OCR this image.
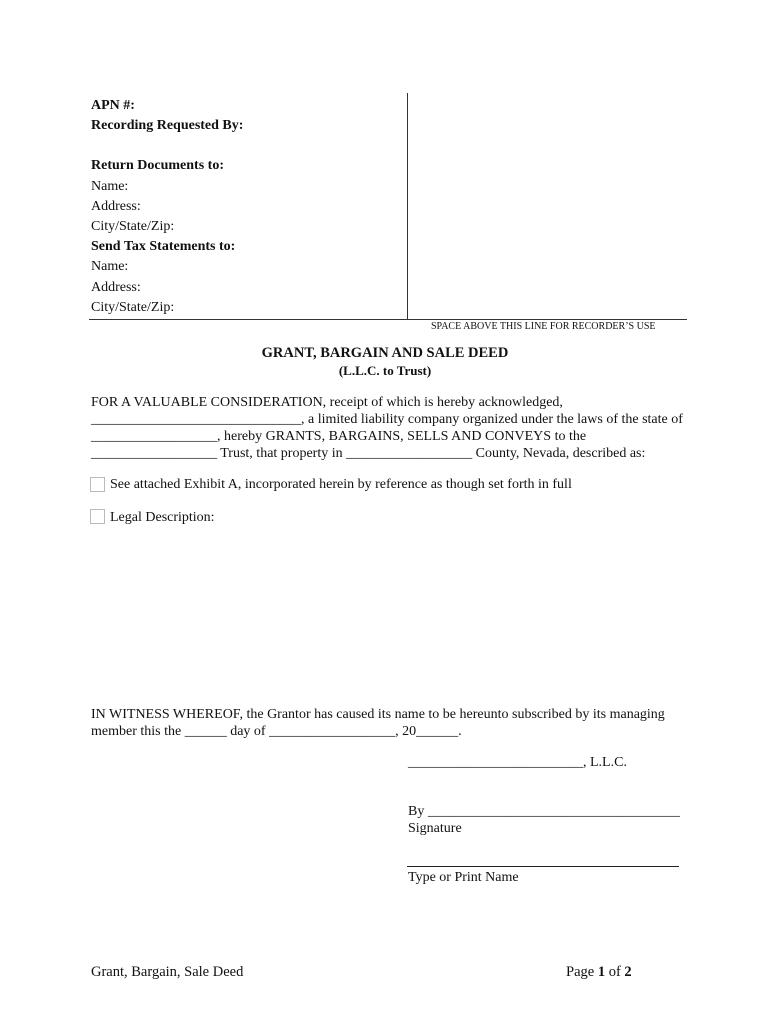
APN #:
Recording Requested By:
Return Documents to:
Name:
Address:
City/State/Zip:
Send Tax Statements to:
Name:
Address:
City/State/Zip:
SPACE ABOVE THIS LINE FOR RECORDER’S USE
GRANT, BARGAIN AND SALE DEED
(L.L.C. to Trust)
FOR A VALUABLE CONSIDERATION, receipt of which is hereby acknowledged,
______________________________, a limited liability company organized under the laws of the state of
__________________, hereby GRANTS, BARGAINS, SELLS AND CONVEYS to the
__________________ Trust, that property in __________________ County, Nevada, described as:
See attached Exhibit A, incorporated herein by reference as though set forth in full
Legal Description:
IN WITNESS WHEREOF, the Grantor has caused its name to be hereunto subscribed by its managing
member this the ______ day of __________________, 20______.
_________________________, L.L.C.
By ____________________________________
Signature
Type or Print Name
Grant, Bargain, Sale Deed	Page 1 of 2
